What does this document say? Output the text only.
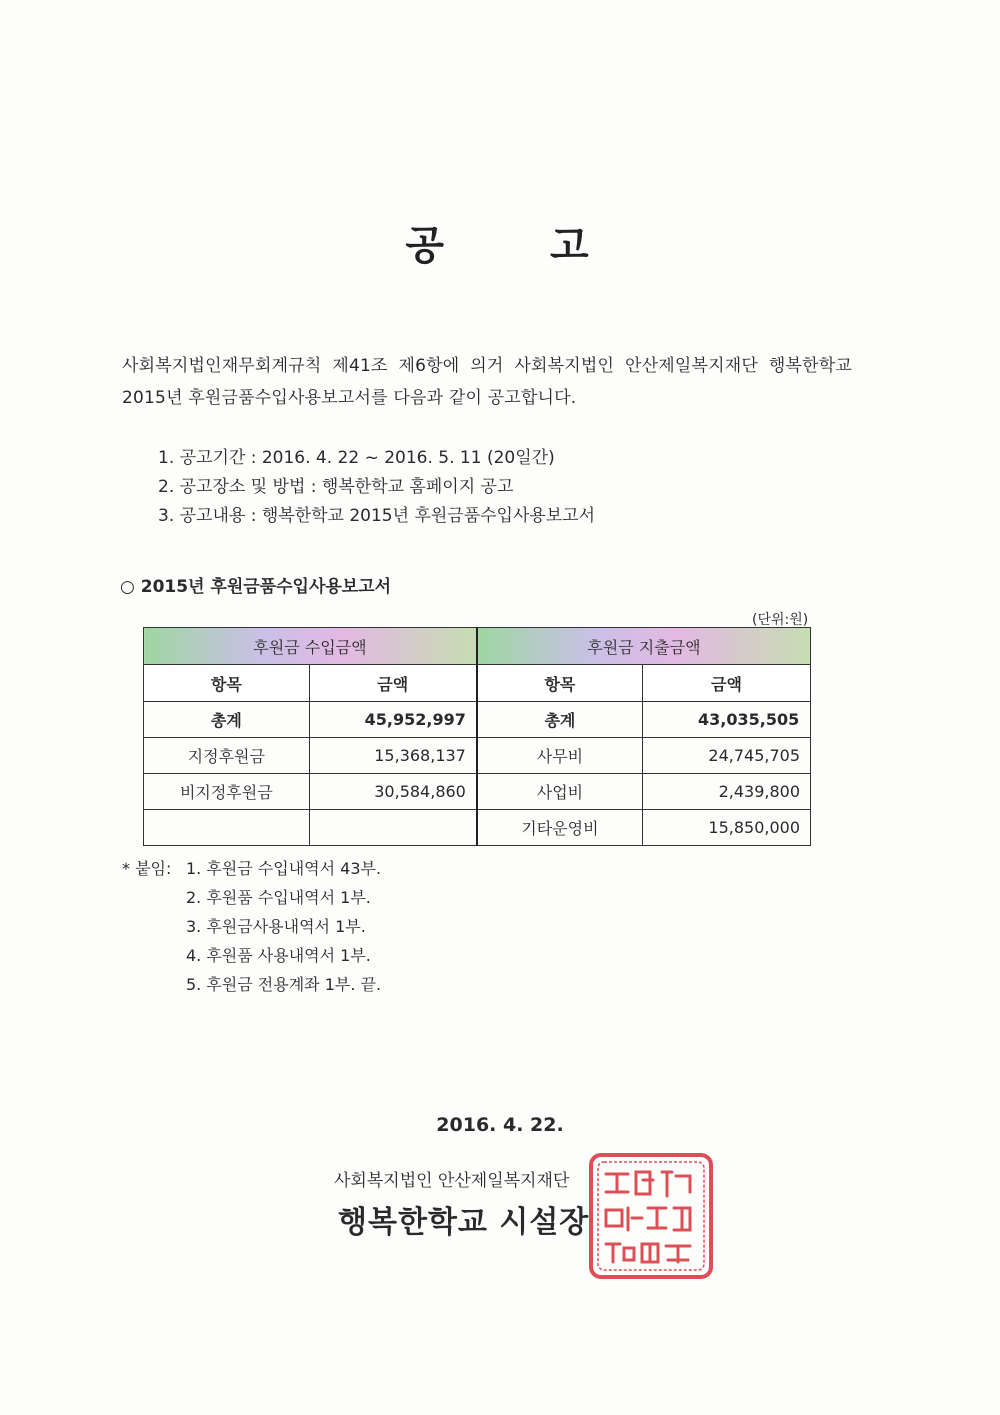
공 고
사회복지법인재무회계규칙 제41조 제6항에 의거 사회복지법인 안산제일복지재단 행복한학교 2015년 후원금품수입사용보고서를 다음과 같이 공고합니다.
1. 공고기간 : 2016. 4. 22 ~ 2016. 5. 11 (20일간)
2. 공고장소 및 방법 : 행복한학교 홈페이지 공고
3. 공고내용 : 행복한학교 2015년 후원금품수입사용보고서
○ 2015년 후원금품수입사용보고서
(단위:원)
후원금 수입금액		후원금 지출금액	
항목	금액	항목	금액
총계	45,952,997	총계	43,035,505
지정후원금	15,368,137	사무비	24,745,705
비지정후원금	30,584,860	사업비	2,439,800
		기타운영비	15,850,000
* 붙임: 1. 후원금 수입내역서 43부.
2. 후원품 수입내역서 1부.
3. 후원금사용내역서 1부.
4. 후원품 사용내역서 1부.
5. 후원금 전용계좌 1부. 끝.
2016. 4. 22.
사회복지법인 안산제일복지재단
행복한학교 시설장
